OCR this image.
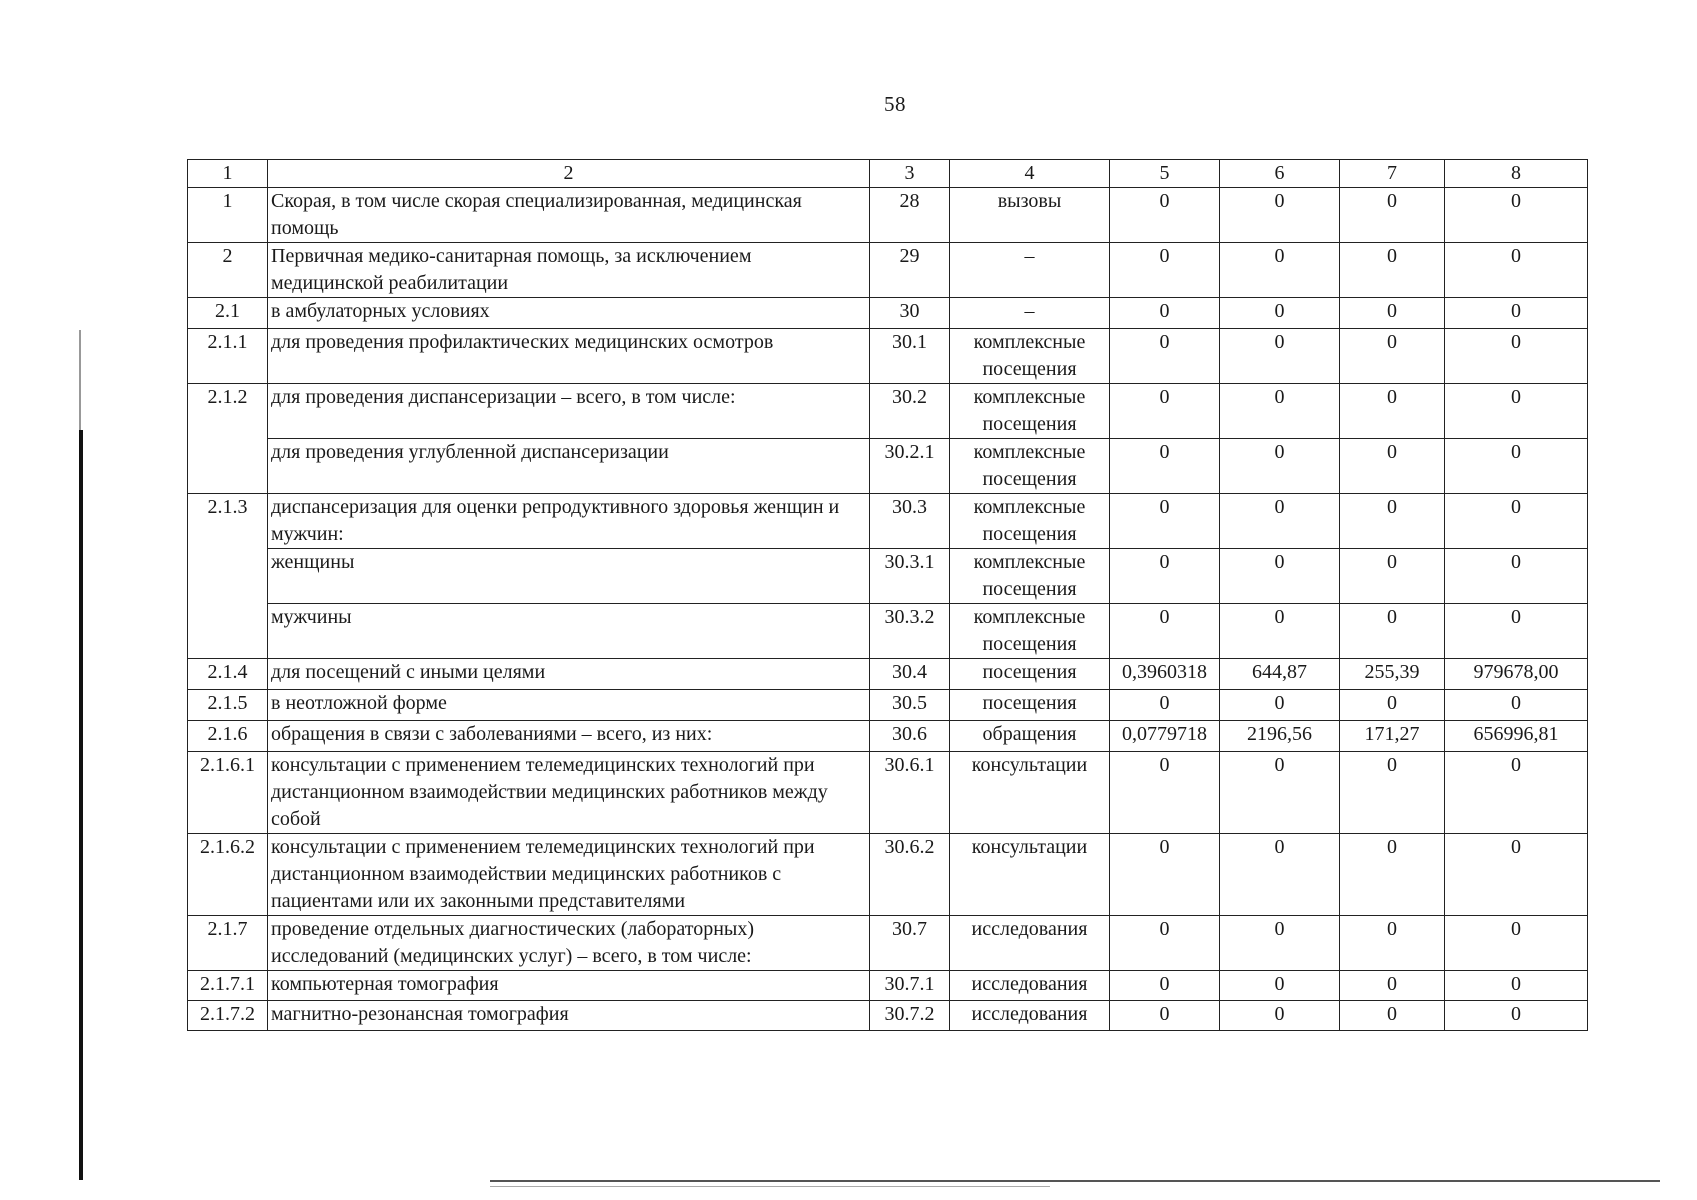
58
1	2	3	4	5	6	7	8
1	Скорая, в том числе скорая специализированная, медицинская помощь	28	вызовы	0	0	0	0
2	Первичная медико-санитарная помощь, за исключением медицинской реабилитации	29	–	0	0	0	0
2.1	в амбулаторных условиях	30	–	0	0	0	0
2.1.1	для проведения профилактических медицинских осмотров	30.1	комплексные посещения	0	0	0	0
2.1.2	для проведения диспансеризации – всего, в том числе:	30.2	комплексные посещения	0	0	0	0
	для проведения углубленной диспансеризации	30.2.1	комплексные посещения	0	0	0	0
2.1.3	диспансеризация для оценки репродуктивного здоровья женщин и мужчин:	30.3	комплексные посещения	0	0	0	0
	женщины	30.3.1	комплексные посещения	0	0	0	0
	мужчины	30.3.2	комплексные посещения	0	0	0	0
2.1.4	для посещений с иными целями	30.4	посещения	0,3960318	644,87	255,39	979678,00
2.1.5	в неотложной форме	30.5	посещения	0	0	0	0
2.1.6	обращения в связи с заболеваниями – всего, из них:	30.6	обращения	0,0779718	2196,56	171,27	656996,81
2.1.6.1	консультации с применением телемедицинских технологий при дистанционном взаимодействии медицинских работников между собой	30.6.1	консультации	0	0	0	0
2.1.6.2	консультации с применением телемедицинских технологий при дистанционном взаимодействии медицинских работников с пациентами или их законными представителями	30.6.2	консультации	0	0	0	0
2.1.7	проведение отдельных диагностических (лабораторных) исследований (медицинских услуг) – всего, в том числе:	30.7	исследования	0	0	0	0
2.1.7.1	компьютерная томография	30.7.1	исследования	0	0	0	0
2.1.7.2	магнитно-резонансная томография	30.7.2	исследования	0	0	0	0
